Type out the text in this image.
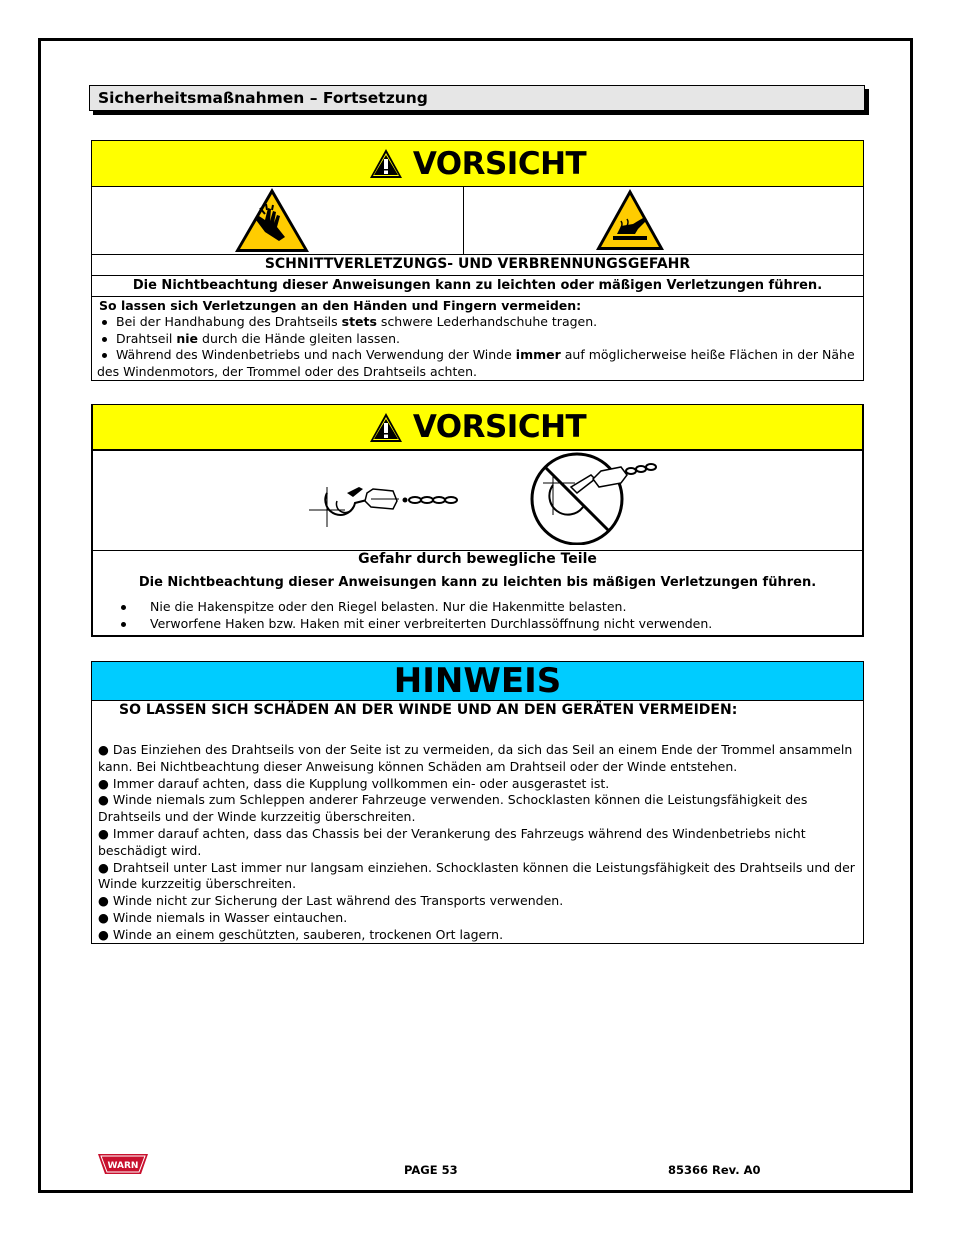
Sicherheitsmaßnahmen – Fortsetzung
VORSICHT
SCHNITTVERLETZUNGS- UND VERBRENNUNGSGEFAHR
Die Nichtbeachtung dieser Anweisungen kann zu leichten oder mäßigen Verletzungen führen.
So lassen sich Verletzungen an den Händen und Fingern vermeiden:
Bei der Handhabung des Drahtseils stets schwere Lederhandschuhe tragen.
Drahtseil nie durch die Hände gleiten lassen.
Während des Windenbetriebs und nach Verwendung der Winde immer auf möglicherweise heiße Flächen in der Nähe
des Windenmotors, der Trommel oder des Drahtseils achten.
VORSICHT
Gefahr durch bewegliche Teile
Die Nichtbeachtung dieser Anweisungen kann zu leichten bis mäßigen Verletzungen führen.
Nie die Hakenspitze oder den Riegel belasten. Nur die Hakenmitte belasten.
Verworfene Haken bzw. Haken mit einer verbreiterten Durchlassöffnung nicht verwenden.
HINWEIS
SO LASSEN SICH SCHÄDEN AN DER WINDE UND AN DEN GERÄTEN VERMEIDEN:
● Das Einziehen des Drahtseils von der Seite ist zu vermeiden, da sich das Seil an einem Ende der Trommel ansammeln
kann. Bei Nichtbeachtung dieser Anweisung können Schäden am Drahtseil oder der Winde entstehen.
● Immer darauf achten, dass die Kupplung vollkommen ein- oder ausgerastet ist.
● Winde niemals zum Schleppen anderer Fahrzeuge verwenden. Schocklasten können die Leistungsfähigkeit des
Drahtseils und der Winde kurzzeitig überschreiten.
● Immer darauf achten, dass das Chassis bei der Verankerung des Fahrzeugs während des Windenbetriebs nicht
beschädigt wird.
● Drahtseil unter Last immer nur langsam einziehen. Schocklasten können die Leistungsfähigkeit des Drahtseils und der
Winde kurzzeitig überschreiten.
● Winde nicht zur Sicherung der Last während des Transports verwenden.
● Winde niemals in Wasser eintauchen.
● Winde an einem geschützten, sauberen, trockenen Ort lagern.
WARN	PAGE 53	85366 Rev. A0
